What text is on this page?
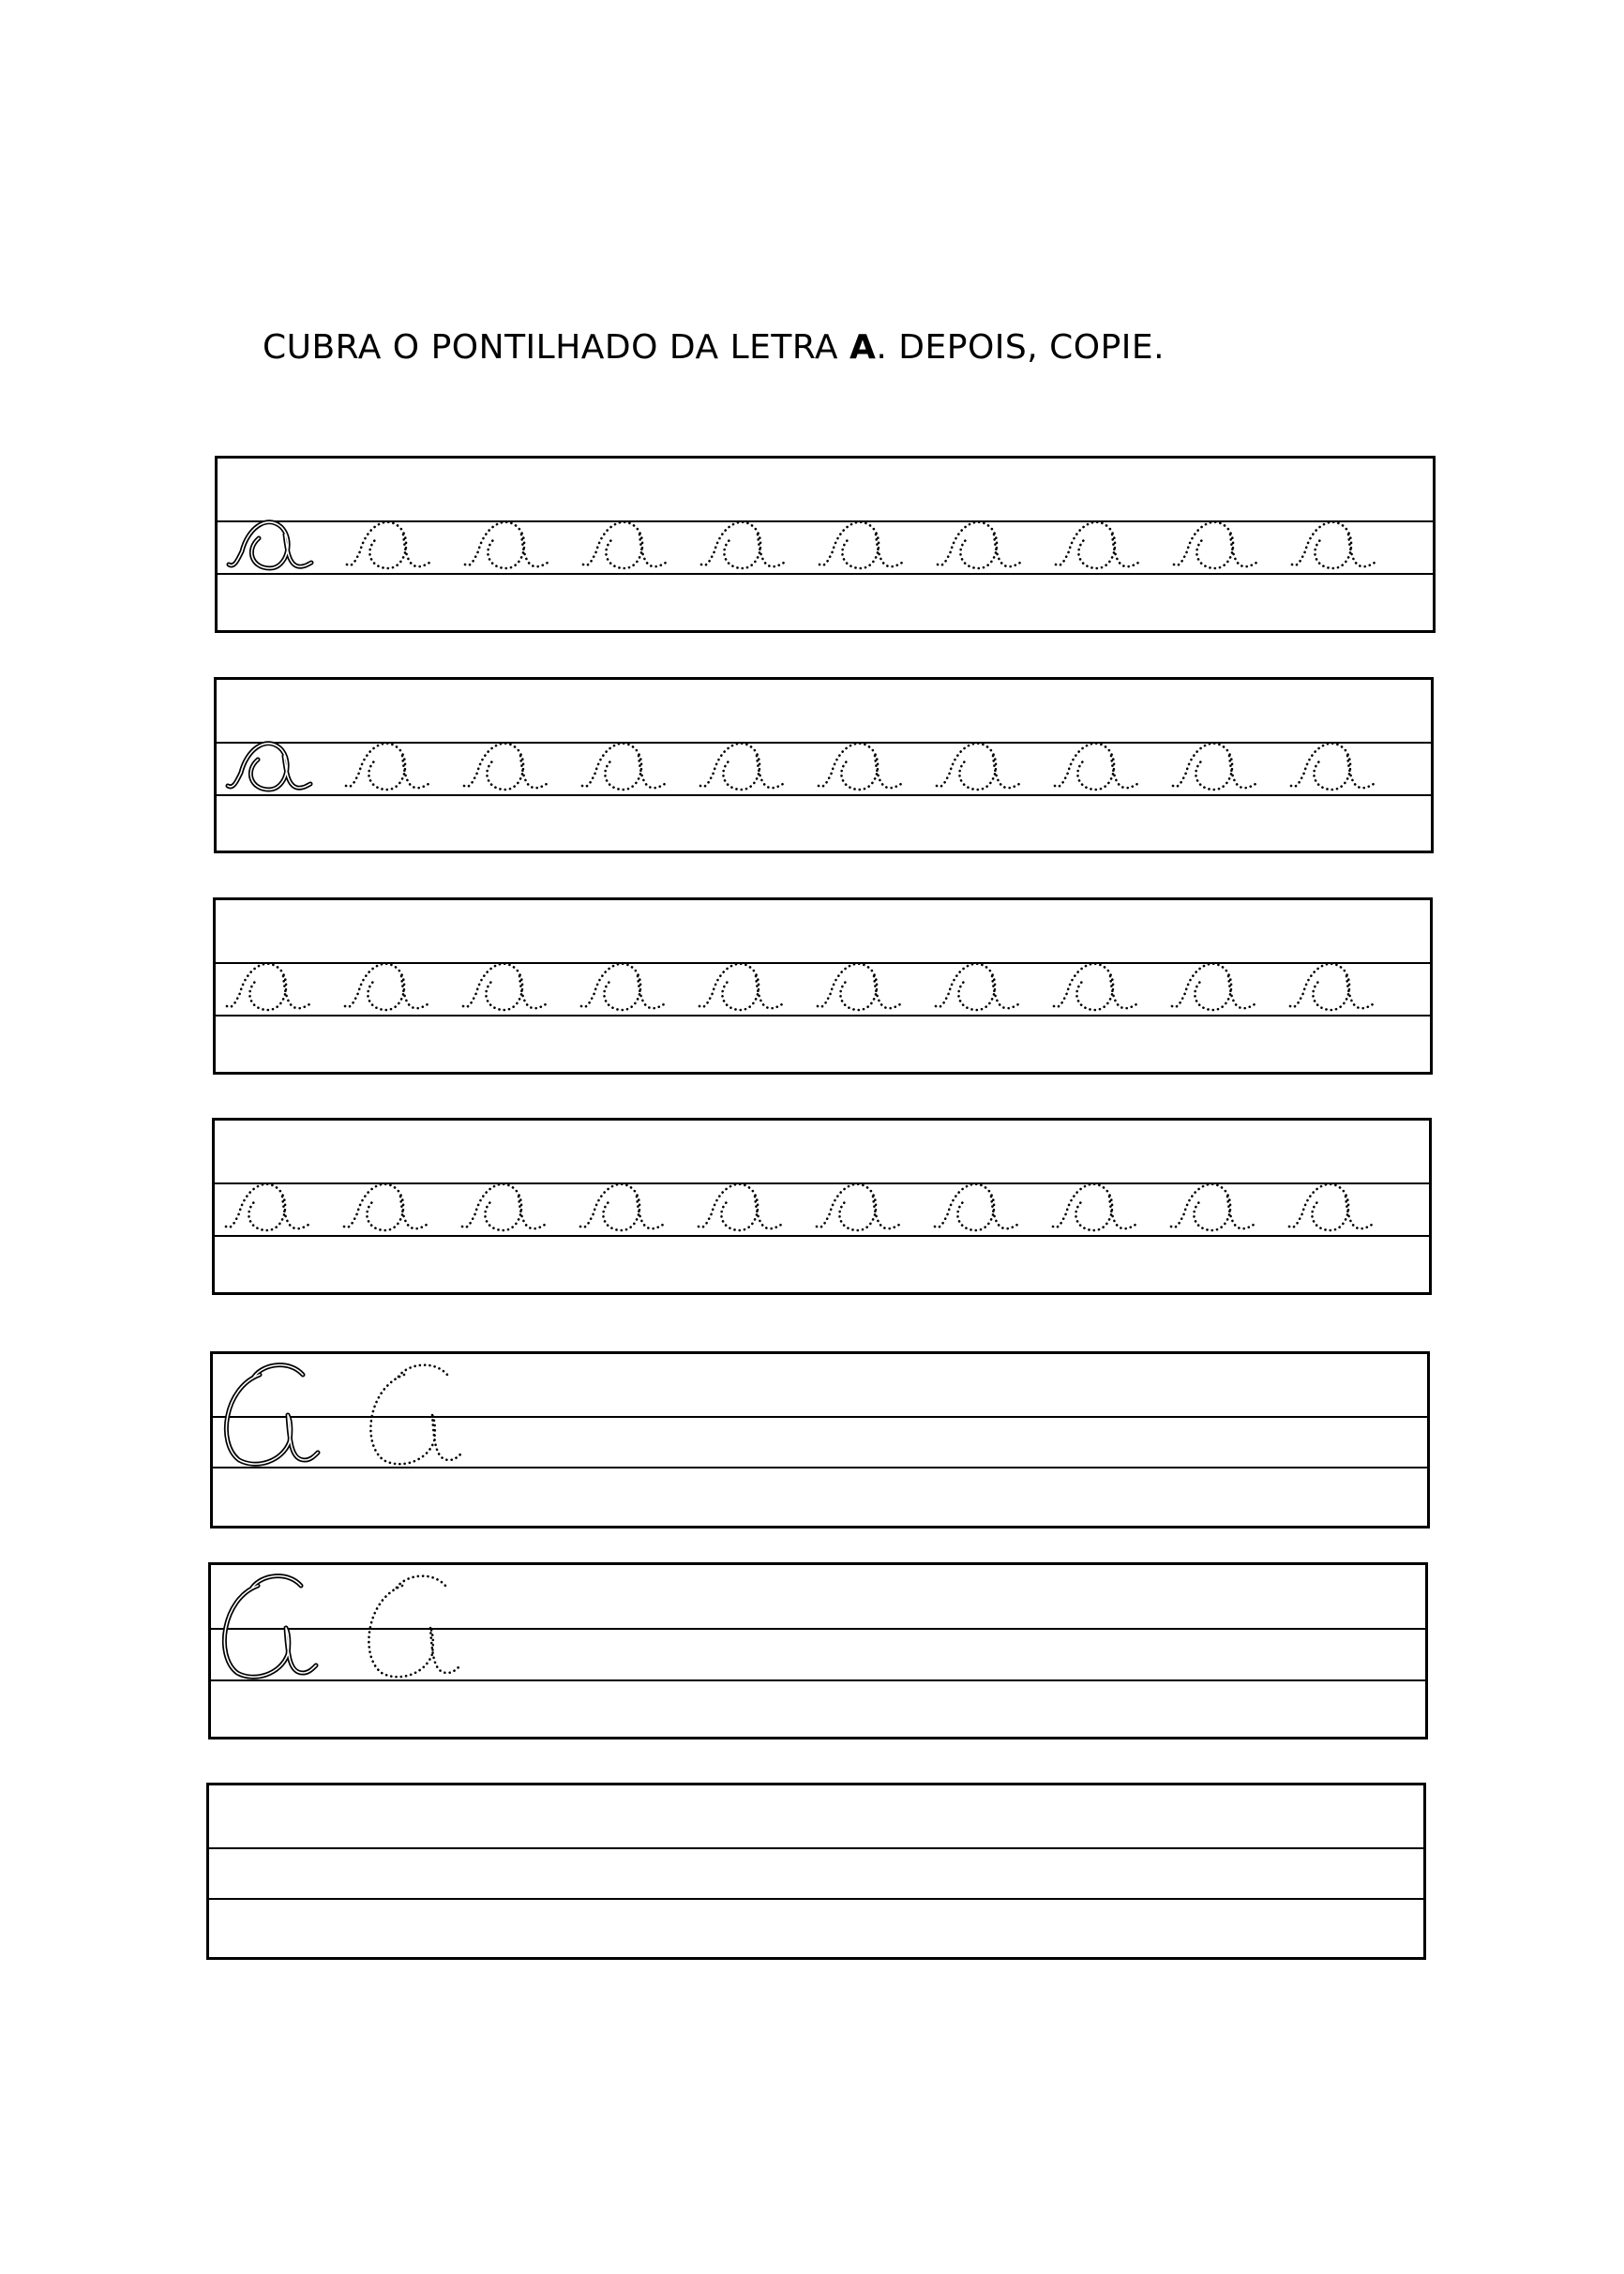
CUBRA O PONTILHADO DA LETRA A. DEPOIS, COPIE.
